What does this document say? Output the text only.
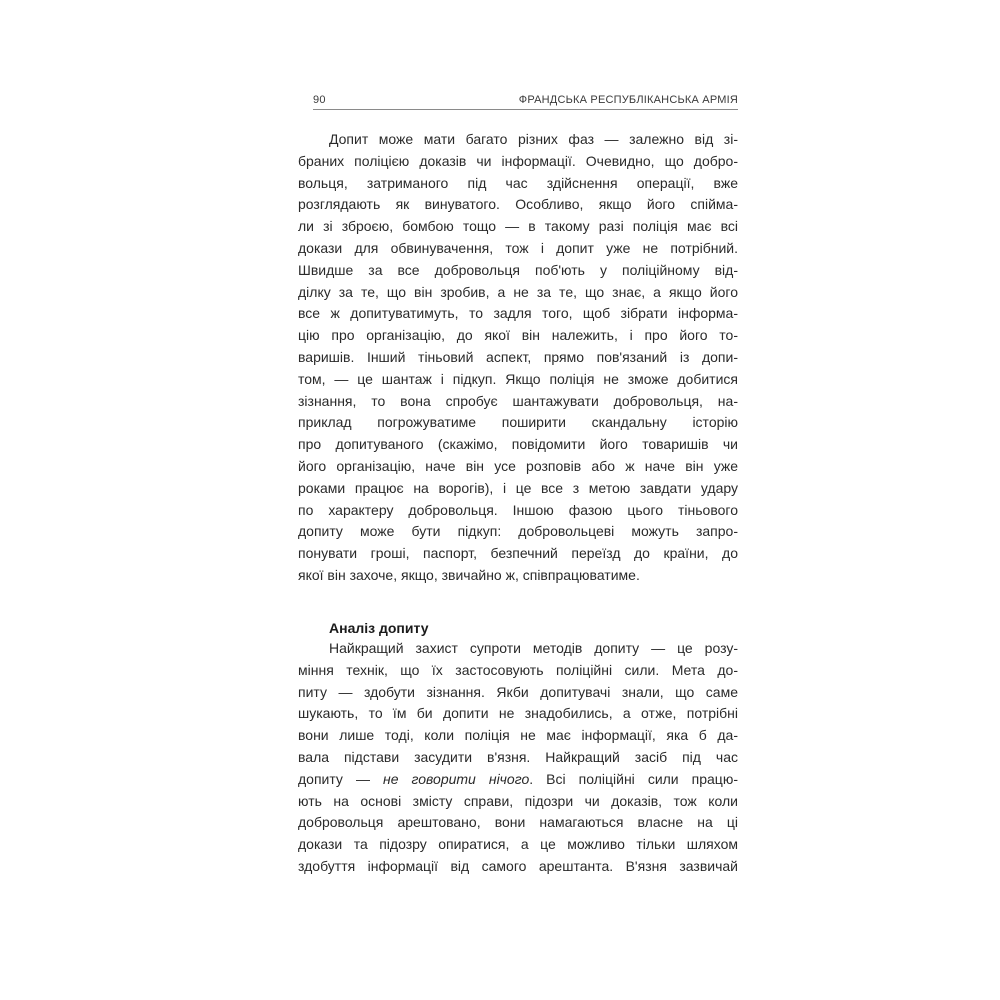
90	ФРАНДСЬКА РЕСПУБЛІКАНСЬКА АРМІЯ
Допит може мати багато різних фаз — залежно від зі-
браних поліцією доказів чи інформації. Очевидно, що добро-
вольця, затриманого під час здійснення операції, вже
розглядають як винуватого. Особливо, якщо його спійма-
ли зі зброєю, бомбою тощо — в такому разі поліція має всі
докази для обвинувачення, тож і допит уже не потрібний.
Швидше за все добровольця поб'ють у поліційному від-
ділку за те, що він зробив, а не за те, що знає, а якщо його
все ж допитуватимуть, то задля того, щоб зібрати інформа-
цію про організацію, до якої він належить, і про його то-
варишів. Інший тіньовий аспект, прямо пов'язаний із допи-
том, — це шантаж і підкуп. Якщо поліція не зможе добитися
зізнання, то вона спробує шантажувати добровольця, на-
приклад погрожуватиме поширити скандальну історію
про допитуваного (скажімо, повідомити його товаришів чи
його організацію, наче він усе розповів або ж наче він уже
роками працює на ворогів), і це все з метою завдати удару
по характеру добровольця. Іншою фазою цього тіньового
допиту може бути підкуп: добровольцеві можуть запро-
понувати гроші, паспорт, безпечний переїзд до країни, до
якої він захоче, якщо, звичайно ж, співпрацюватиме.
Аналіз допиту
Найкращий захист супроти методів допиту — це розу-
міння технік, що їх застосовують поліційні сили. Мета до-
питу — здобути зізнання. Якби допитувачі знали, що саме
шукають, то їм би допити не знадобились, а отже, потрібні
вони лише тоді, коли поліція не має інформації, яка б да-
вала підстави засудити в'язня. Найкращий засіб під час
допиту — не говорити нічого. Всі поліційні сили працю-
ють на основі змісту справи, підозри чи доказів, тож коли
добровольця арештовано, вони намагаються власне на ці
докази та підозру опиратися, а це можливо тільки шляхом
здобуття інформації від самого арештанта. В'язня зазвичай
